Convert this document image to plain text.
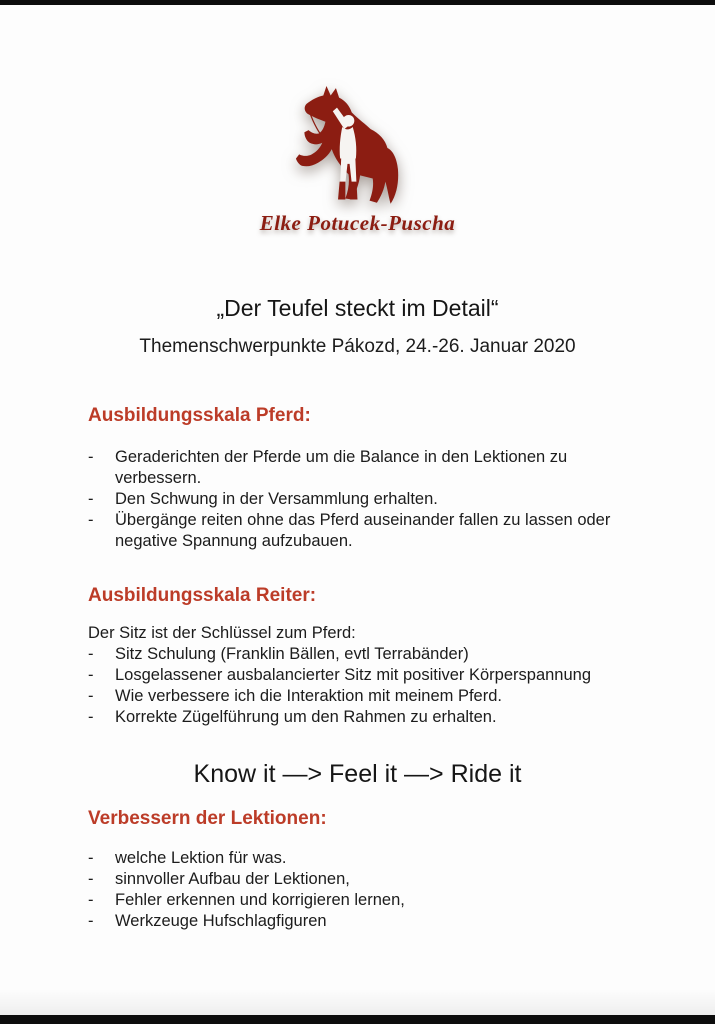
Elke Potucek-Puscha
„Der Teufel steckt im Detail“
Themenschwerpunkte Pákozd, 24.-26. Januar 2020
Ausbildungsskala Pferd:
-	Geraderichten der Pferde um die Balance in den Lektionen zu verbessern.
-	Den Schwung in der Versammlung erhalten.
-	Übergänge reiten ohne das Pferd auseinander fallen zu lassen oder negative Spannung aufzubauen.
Ausbildungsskala Reiter:

Der Sitz ist der Schlüssel zum Pferd:

-	Sitz Schulung (Franklin Bällen, evtl Terrabänder)
-	Losgelassener ausbalancierter Sitz mit positiver Körperspannung
-	Wie verbessere ich die Interaktion mit meinem Pferd.
-	Korrekte Zügelführung um den Rahmen zu erhalten.
Know it —> Feel it —> Ride it
Verbessern der Lektionen:
-	welche Lektion für was.
-	sinnvoller Aufbau der Lektionen,
-	Fehler erkennen und korrigieren lernen,
-	Werkzeuge Hufschlagfiguren
